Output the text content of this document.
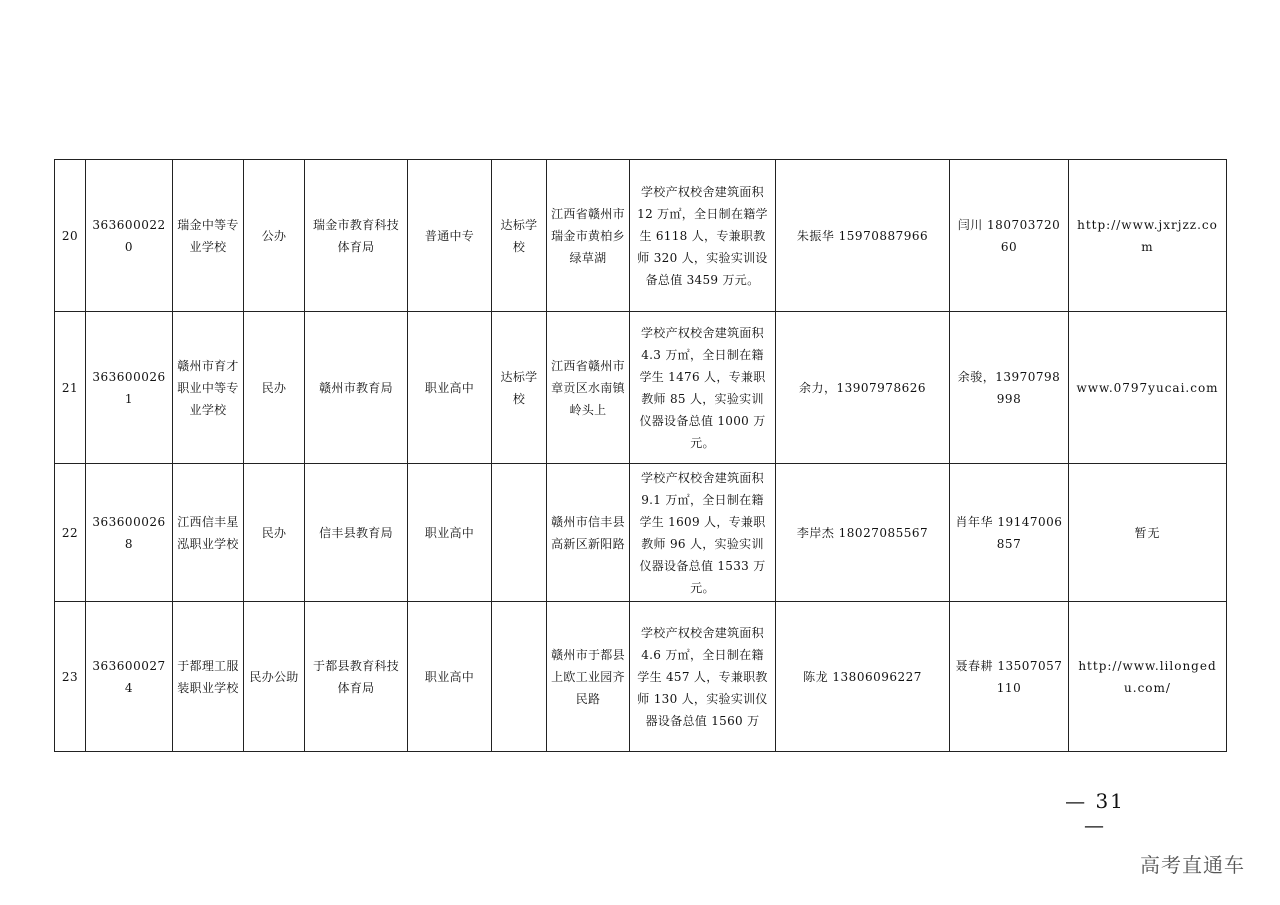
20	3636000220	瑞金中等专业学校	公办	瑞金市教育科技体育局	普通中专	达标学校	江西省赣州市瑞金市黄柏乡绿草湖	学校产权校舍建筑面积 12 万㎡，全日制在籍学生 6118 人，专兼职教师 320 人，实验实训设备总值 3459 万元。	朱振华 15970887966	闫川 18070372060	http://www.jxrjzz.com
21	3636000261	赣州市育才职业中等专业学校	民办	赣州市教育局	职业高中	达标学校	江西省赣州市章贡区水南镇岭头上	学校产权校舍建筑面积 4.3 万㎡，全日制在籍学生 1476 人，专兼职教师 85 人，实验实训仪器设备总值 1000 万元。	余力，13907978626	余骏，13970798998	www.0797yucai.com
22	3636000268	江西信丰星泓职业学校	民办	信丰县教育局	职业高中		赣州市信丰县高新区新阳路	学校产权校舍建筑面积 9.1 万㎡，全日制在籍学生 1609 人，专兼职教师 96 人，实验实训仪器设备总值 1533 万元。	李岸杰 18027085567	肖年华 19147006857	暂无
23	3636000274	于都理工服装职业学校	民办公助	于都县教育科技体育局	职业高中		赣州市于都县上欧工业园齐民路	学校产权校舍建筑面积 4.6 万㎡，全日制在籍学生 457 人，专兼职教师 130 人，实验实训仪器设备总值 1560 万	陈龙 13806096227	聂春耕 13507057110	http://www.lilongedu.com/
— 31 —
高考直通车
